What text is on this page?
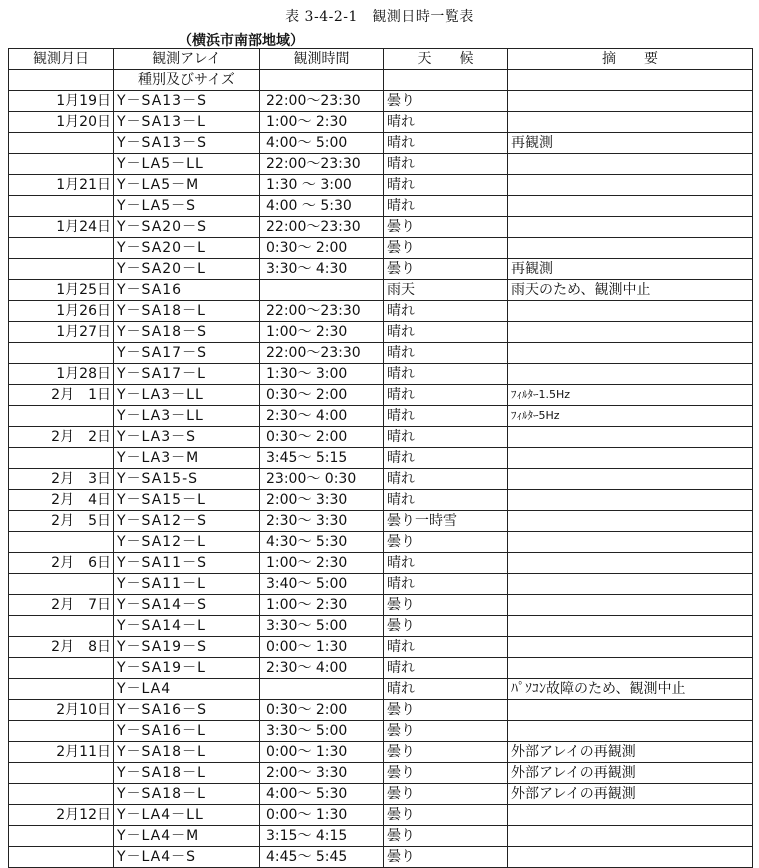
表 3-4-2-1　観測日時一覧表
（横浜市南部地域）
観測月日	観測アレイ	観測時間	天　　候	摘　　要
	種別及びサイズ			
1月19日	Y－SA13－S	22:00～23:30	曇り	
1月20日	Y－SA13－L	1:00～ 2:30	晴れ	
	Y－SA13－S	4:00～ 5:00	晴れ	再観測
	Y－LA5－LL	22:00～23:30	晴れ	
1月21日	Y－LA5－M	1:30 ～ 3:00	晴れ	
	Y－LA5－S	4:00 ～ 5:30	晴れ	
1月24日	Y－SA20－S	22:00～23:30	曇り	
	Y－SA20－L	0:30～ 2:00	曇り	
	Y－SA20－L	3:30～ 4:30	曇り	再観測
1月25日	Y－SA16		雨天	雨天のため、観測中止
1月26日	Y－SA18－L	22:00～23:30	晴れ	
1月27日	Y－SA18－S	1:00～ 2:30	晴れ	
	Y－SA17－S	22:00～23:30	晴れ	
1月28日	Y－SA17－L	1:30～ 3:00	晴れ	
2月　1日	Y－LA3－LL	0:30～ 2:00	晴れ	ﾌｨﾙﾀｰ1.5Hz
	Y－LA3－LL	2:30～ 4:00	晴れ	ﾌｨﾙﾀｰ5Hz
2月　2日	Y－LA3－S	0:30～ 2:00	晴れ	
	Y－LA3－M	3:45～ 5:15	晴れ	
2月　3日	Y－SA15-S	23:00～ 0:30	晴れ	
2月　4日	Y－SA15－L	2:00～ 3:30	晴れ	
2月　5日	Y－SA12－S	2:30～ 3:30	曇り一時雪	
	Y－SA12－L	4:30～ 5:30	曇り	
2月　6日	Y－SA11－S	1:00～ 2:30	晴れ	
	Y－SA11－L	3:40～ 5:00	晴れ	
2月　7日	Y－SA14－S	1:00～ 2:30	曇り	
	Y－SA14－L	3:30～ 5:00	曇り	
2月　8日	Y－SA19－S	0:00～ 1:30	晴れ	
	Y－SA19－L	2:30～ 4:00	晴れ	
	Y－LA4		晴れ	ﾊﾟｿｺﾝ故障のため、観測中止
2月10日	Y－SA16－S	0:30～ 2:00	曇り	
	Y－SA16－L	3:30～ 5:00	曇り	
2月11日	Y－SA18－L	0:00～ 1:30	曇り	外部アレイの再観測
	Y－SA18－L	2:00～ 3:30	曇り	外部アレイの再観測
	Y－SA18－L	4:00～ 5:30	曇り	外部アレイの再観測
2月12日	Y－LA4－LL	0:00～ 1:30	曇り	
	Y－LA4－M	3:15～ 4:15	曇り	
	Y－LA4－S	4:45～ 5:45	曇り	
